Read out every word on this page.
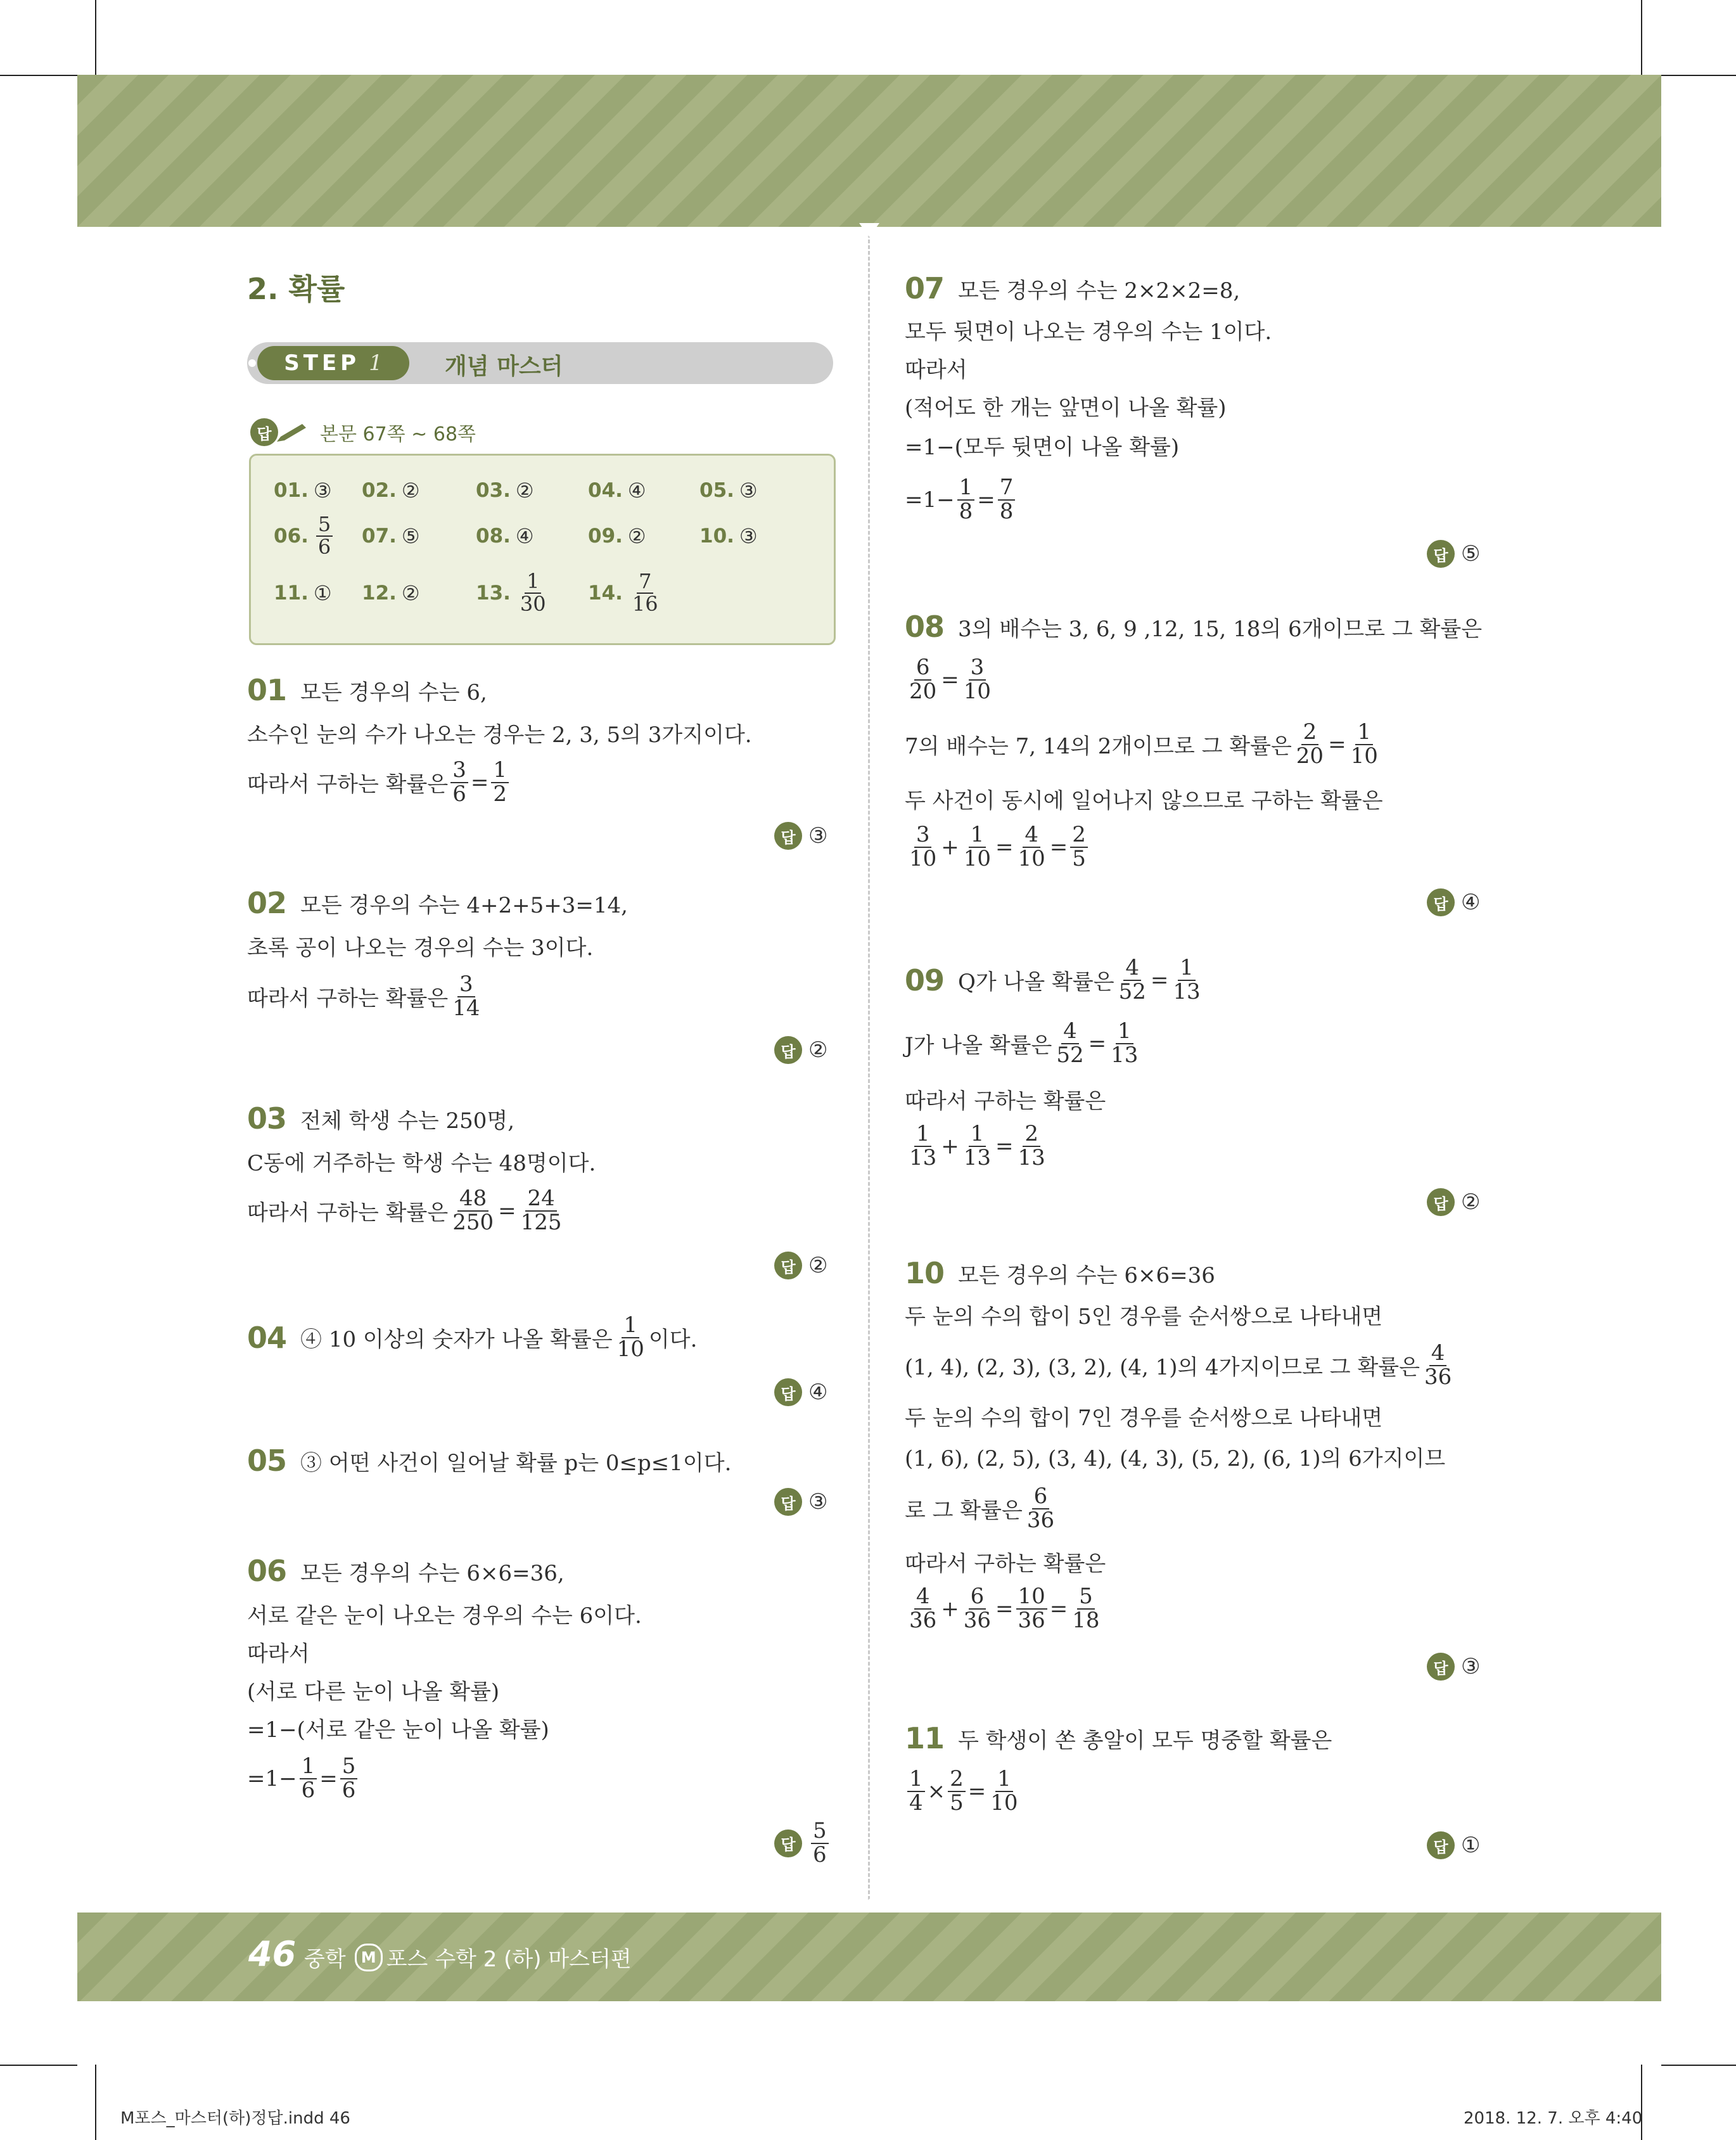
2. 확률
STEP 1	개념 마스터
답	본문 67쪽 ~ 68쪽
01. ③ 02. ②	03. ②	04. ④	05. ③
06. $\frac{5}{6} 07$. ⑤	08. ④	09. ②	10. ③
11. ① 12. ②	13. $\frac{1}{30} 14$. $\frac{7}{16}$
01 모든 경우의 수는 6,
소수인 눈의 수가 나오는 경우는 2, 3, 5의 3가지이다.
따라서 구하는 확률은 $\frac{3}{6} = \frac{1}{2}$
답 ③
02 모든 경우의 수는 4+2+5+3=14,
초록 공이 나오는 경우의 수는 3이다.
따라서 구하는 확률은 $\frac{3}{14}$
답 ②
03 전체 학생 수는 250명,
C동에 거주하는 학생 수는 48명이다.
따라서 구하는 확률은 $\frac{48}{250} = \frac{24}{125}$
답 ②
04 ④ 10 이상의 숫자가 나올 확률은 $\frac{1}{10}$ 이다.
답 ④
05 ③ 어떤 사건이 일어날 확률 p는 0≤p≤1이다.
답 ③
06 모든 경우의 수는 6×6=36,
서로 같은 눈이 나오는 경우의 수는 6이다.
따라서
(서로 다른 눈이 나올 확률)
=1−(서로 같은 눈이 나올 확률)
$=1- \frac{1}{6} = \frac{5}{6}$
답 $\frac{5}{6}$
07 모든 경우의 수는 2×2×2=8,
모두 뒷면이 나오는 경우의 수는 1이다.
따라서
(적어도 한 개는 앞면이 나올 확률)
=1−(모두 뒷면이 나올 확률)
$=1- \frac{1}{8} = \frac{7}{8}$
답 ⑤
08 3의 배수는 3, 6, 9 ,12, 15, 18의 6개이므로 그 확률은
$\frac{6}{20} = \frac{3}{10}$
7의 배수는 7, 14의 2개이므로 그 확률은 $\frac{2}{20} = \frac{1}{10}$
두 사건이 동시에 일어나지 않으므로 구하는 확률은
$\frac{3}{10} + \frac{1}{10} = \frac{4}{10} = \frac{2}{5}$
답 ④
09 Q가 나올 확률은 $\frac{4}{52} = \frac{1}{13}$
J가 나올 확률은 $\frac{4}{52} = \frac{1}{13}$
따라서 구하는 확률은
$\frac{1}{13} + \frac{1}{13} = \frac{2}{13}$
답 ②
10 모든 경우의 수는 6×6=36
두 눈의 수의 합이 5인 경우를 순서쌍으로 나타내면
(1, 4), (2, 3), (3, 2), (4, 1)의 4가지이므로 그 확률은 $\frac{4}{36}$
두 눈의 수의 합이 7인 경우를 순서쌍으로 나타내면
(1, 6), (2, 5), (3, 4), (4, 3), (5, 2), (6, 1)의 6가지이므
로 그 확률은 $\frac{6}{36}$
따라서 구하는 확률은
$\frac{4}{36} + \frac{6}{36} = \frac{10}{36} = \frac{5}{18}$
답 ③
11 두 학생이 쏜 총알이 모두 명중할 확률은
$\frac{1}{4} \times \frac{2}{5} = \frac{1}{10}$
답 ①
46 중학	M 포스 수학 2 (하) 마스터편
M포스_마스터(하)정답.indd 46	2018. 12. 7. 오후 4:40
